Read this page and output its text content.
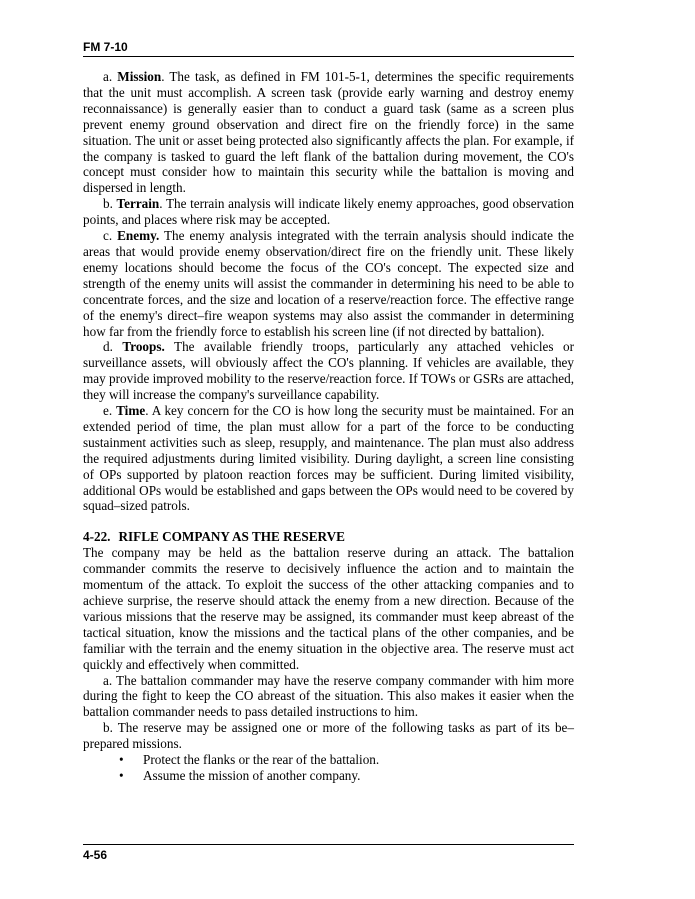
FM 7-10

a. Mission. The task, as defined in FM 101-5-1, determines the specific requirements that the unit must accomplish. A screen task (provide early warning and destroy enemy reconnaissance) is generally easier than to conduct a guard task (same as a screen plus prevent enemy ground observation and direct fire on the friendly force) in the same situation. The unit or asset being protected also significantly affects the plan. For example, if the company is tasked to guard the left flank of the battalion during movement, the CO's concept must consider how to maintain this security while the battalion is moving and dispersed in length.

b. Terrain. The terrain analysis will indicate likely enemy approaches, good observation points, and places where risk may be accepted.

c. Enemy. The enemy analysis integrated with the terrain analysis should indicate the areas that would provide enemy observation/direct fire on the friendly unit. These likely enemy locations should become the focus of the CO's concept. The expected size and strength of the enemy units will assist the commander in determining his need to be able to concentrate forces, and the size and location of a reserve/reaction force. The effective range of the enemy's direct–fire weapon systems may also assist the commander in determining how far from the friendly force to establish his screen line (if not directed by battalion).

d. Troops. The available friendly troops, particularly any attached vehicles or surveillance assets, will obviously affect the CO's planning. If vehicles are available, they may provide improved mobility to the reserve/reaction force. If TOWs or GSRs are attached, they will increase the company's surveillance capability.

e. Time. A key concern for the CO is how long the security must be maintained. For an extended period of time, the plan must allow for a part of the force to be conducting sustainment activities such as sleep, resupply, and maintenance. The plan must also address the required adjustments during limited visibility. During daylight, a screen line consisting of OPs supported by platoon reaction forces may be sufficient. During limited visibility, additional OPs would be established and gaps between the OPs would need to be covered by squad–sized patrols.

4-22. RIFLE COMPANY AS THE RESERVE

The company may be held as the battalion reserve during an attack. The battalion commander commits the reserve to decisively influence the action and to maintain the momentum of the attack. To exploit the success of the other attacking companies and to achieve surprise, the reserve should attack the enemy from a new direction. Because of the various missions that the reserve may be assigned, its commander must keep abreast of the tactical situation, know the missions and the tactical plans of the other companies, and be familiar with the terrain and the enemy situation in the objective area. The reserve must act quickly and effectively when committed.

a. The battalion commander may have the reserve company commander with him more during the fight to keep the CO abreast of the situation. This also makes it easier when the battalion commander needs to pass detailed instructions to him.

b. The reserve may be assigned one or more of the following tasks as part of its be–prepared missions.

• Protect the flanks or the rear of the battalion.
• Assume the mission of another company.
4-56
